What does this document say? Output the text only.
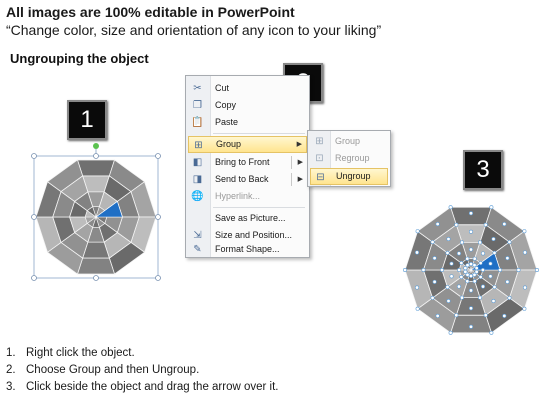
All images are 100% editable in PowerPoint
“Change color, size and orientation of any icon to your liking”
Ungrouping the object
1
3
✂ Cut
❐ Copy
📋 Paste
⊞ Group	▶
◧ Bring to Front	▶
◨ Send to Back	▶
🌐 Hyperlink...
Save as Picture...
⇲ Size and Position...
✎ Format Shape...
⊞ Group
⊡ Regroup
⊟ Ungroup
1. Right click the object.
2. Choose Group and then Ungroup.
3. Click beside the object and drag the arrow over it.
